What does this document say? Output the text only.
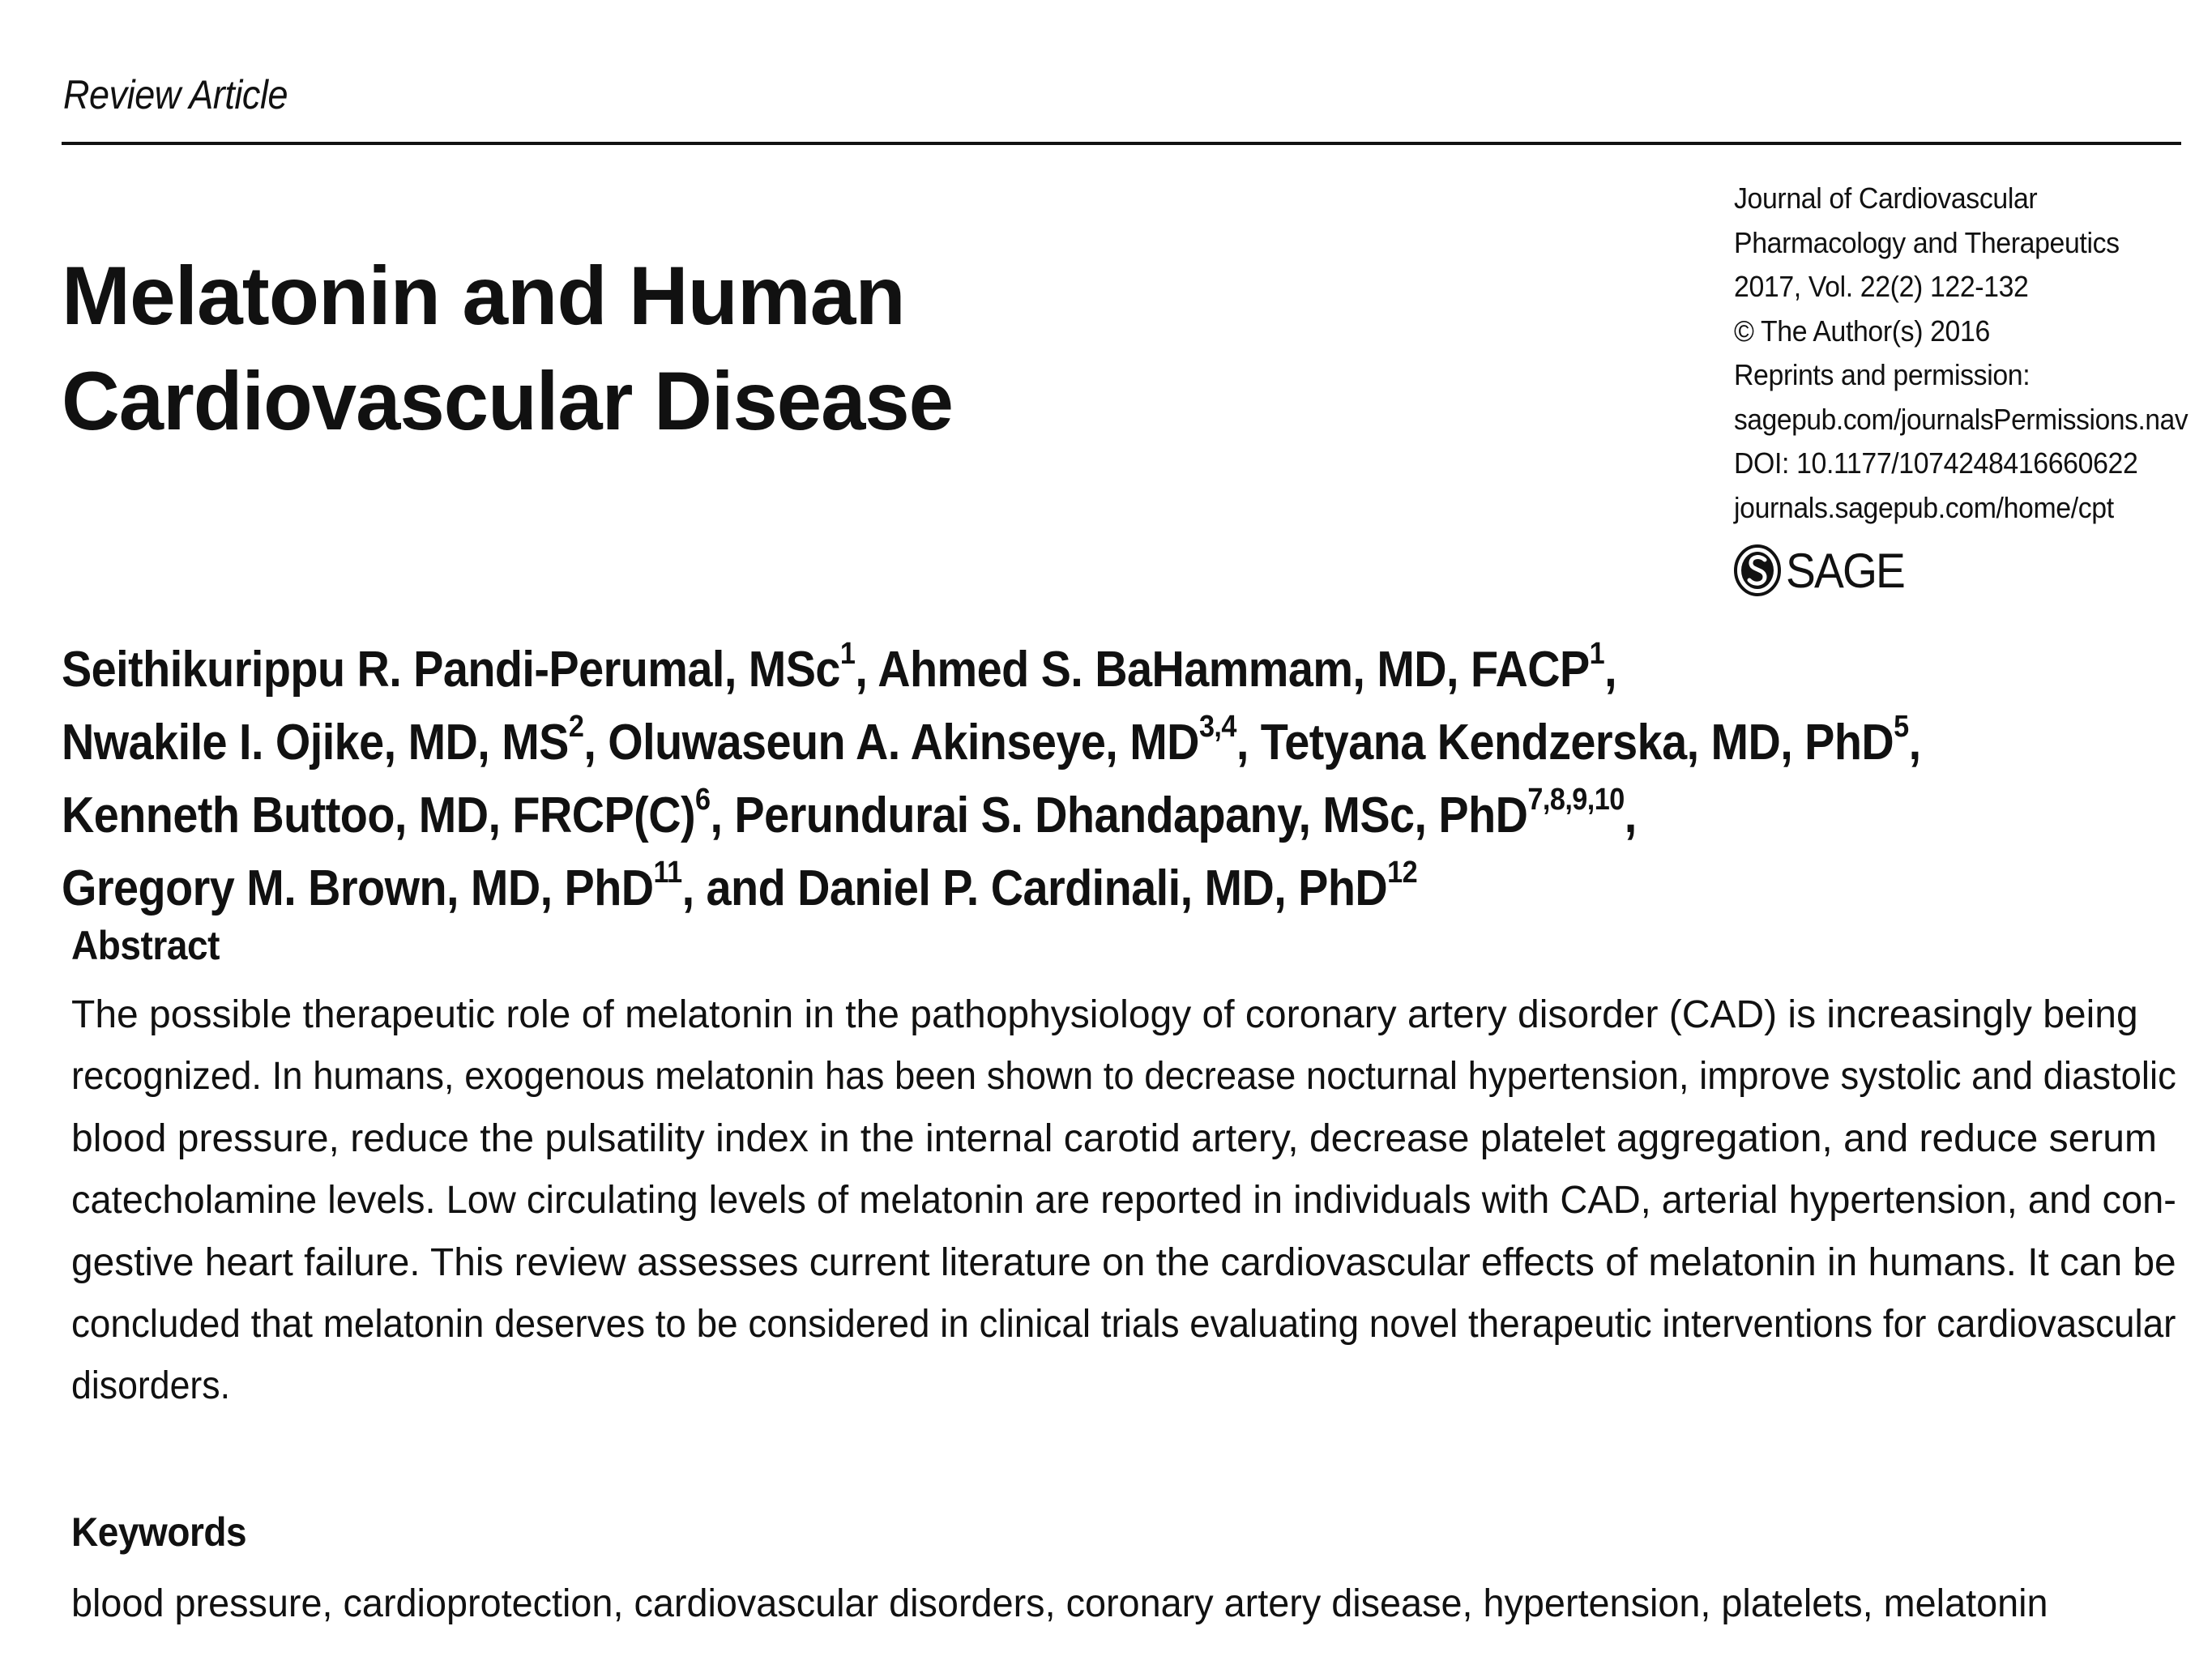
Review Article
Melatonin and Human
Cardiovascular Disease
Journal of Cardiovascular
Pharmacology and Therapeutics
2017, Vol. 22(2) 122-132
© The Author(s) 2016
Reprints and permission:
sagepub.com/journalsPermissions.nav
DOI: 10.1177/1074248416660622
journals.sagepub.com/home/cpt
SAGE
Seithikurippu R. Pandi-Perumal, MSc$^1$, Ahmed S. BaHammam, MD, FACP$^1$,
Nwakile I. Ojike, MD, $MS^2$, Oluwaseun A. Akinseye, MD$^{3,4}$, Tetyana Kendzerska, MD, PhD$^5$,
Kenneth Buttoo, MD, $FRCP(C)^6$, Perundurai S. Dhandapany, MSc, PhD$^{7,8,9,10}$,
Gregory M. Brown, MD, PhD$^{11}$, and Daniel P. Cardinali, MD, PhD$^{12}$
Abstract

The possible therapeutic role of melatonin in the pathophysiology of coronary artery disorder (CAD) is increasingly being
recognized. In humans, exogenous melatonin has been shown to decrease nocturnal hypertension, improve systolic and diastolic
blood pressure, reduce the pulsatility index in the internal carotid artery, decrease platelet aggregation, and reduce serum
catecholamine levels. Low circulating levels of melatonin are reported in individuals with CAD, arterial hypertension, and con-
gestive heart failure. This review assesses current literature on the cardiovascular effects of melatonin in humans. It can be
concluded that melatonin deserves to be considered in clinical trials evaluating novel therapeutic interventions for cardiovascular
disorders.

Keywords

blood pressure, cardioprotection, cardiovascular disorders, coronary artery disease, hypertension, platelets, melatonin
